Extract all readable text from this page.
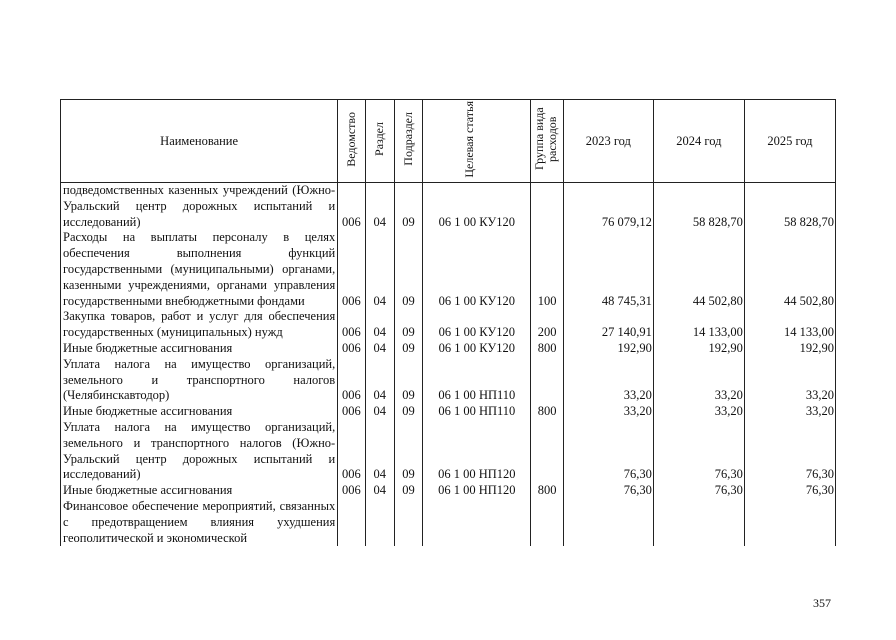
Наименование	Ведомство	Раздел	Подраздел	Целевая статья	Группа вида расходов	2023 год	2024 год	2025 год
подведомственных казенных учреждений (Южно-Уральский центр дорожных испытаний и исследований)	006	04	09	06 1 00 КУ120		76 079,12	58 828,70	58 828,70
Расходы на выплаты персоналу в целях обеспечения выполнения функций государственными (муниципальными) органами, казенными учреждениями, органами управления государственными внебюджетными фондами	006	04	09	06 1 00 КУ120	100	48 745,31	44 502,80	44 502,80
Закупка товаров, работ и услуг для обеспечения государственных (муниципальных) нужд	006	04	09	06 1 00 КУ120	200	27 140,91	14 133,00	14 133,00
Иные бюджетные ассигнования	006	04	09	06 1 00 КУ120	800	192,90	192,90	192,90
Уплата налога на имущество организаций, земельного и транспортного налогов (Челябинскавтодор)	006	04	09	06 1 00 НП110		33,20	33,20	33,20
Иные бюджетные ассигнования	006	04	09	06 1 00 НП110	800	33,20	33,20	33,20
Уплата налога на имущество организаций, земельного и транспортного налогов (Южно-Уральский центр дорожных испытаний и исследований)	006	04	09	06 1 00 НП120		76,30	76,30	76,30
Иные бюджетные ассигнования	006	04	09	06 1 00 НП120	800	76,30	76,30	76,30
Финансовое обеспечение мероприятий, связанных с предотвращением влияния ухудшения геополитической и экономической								
357
